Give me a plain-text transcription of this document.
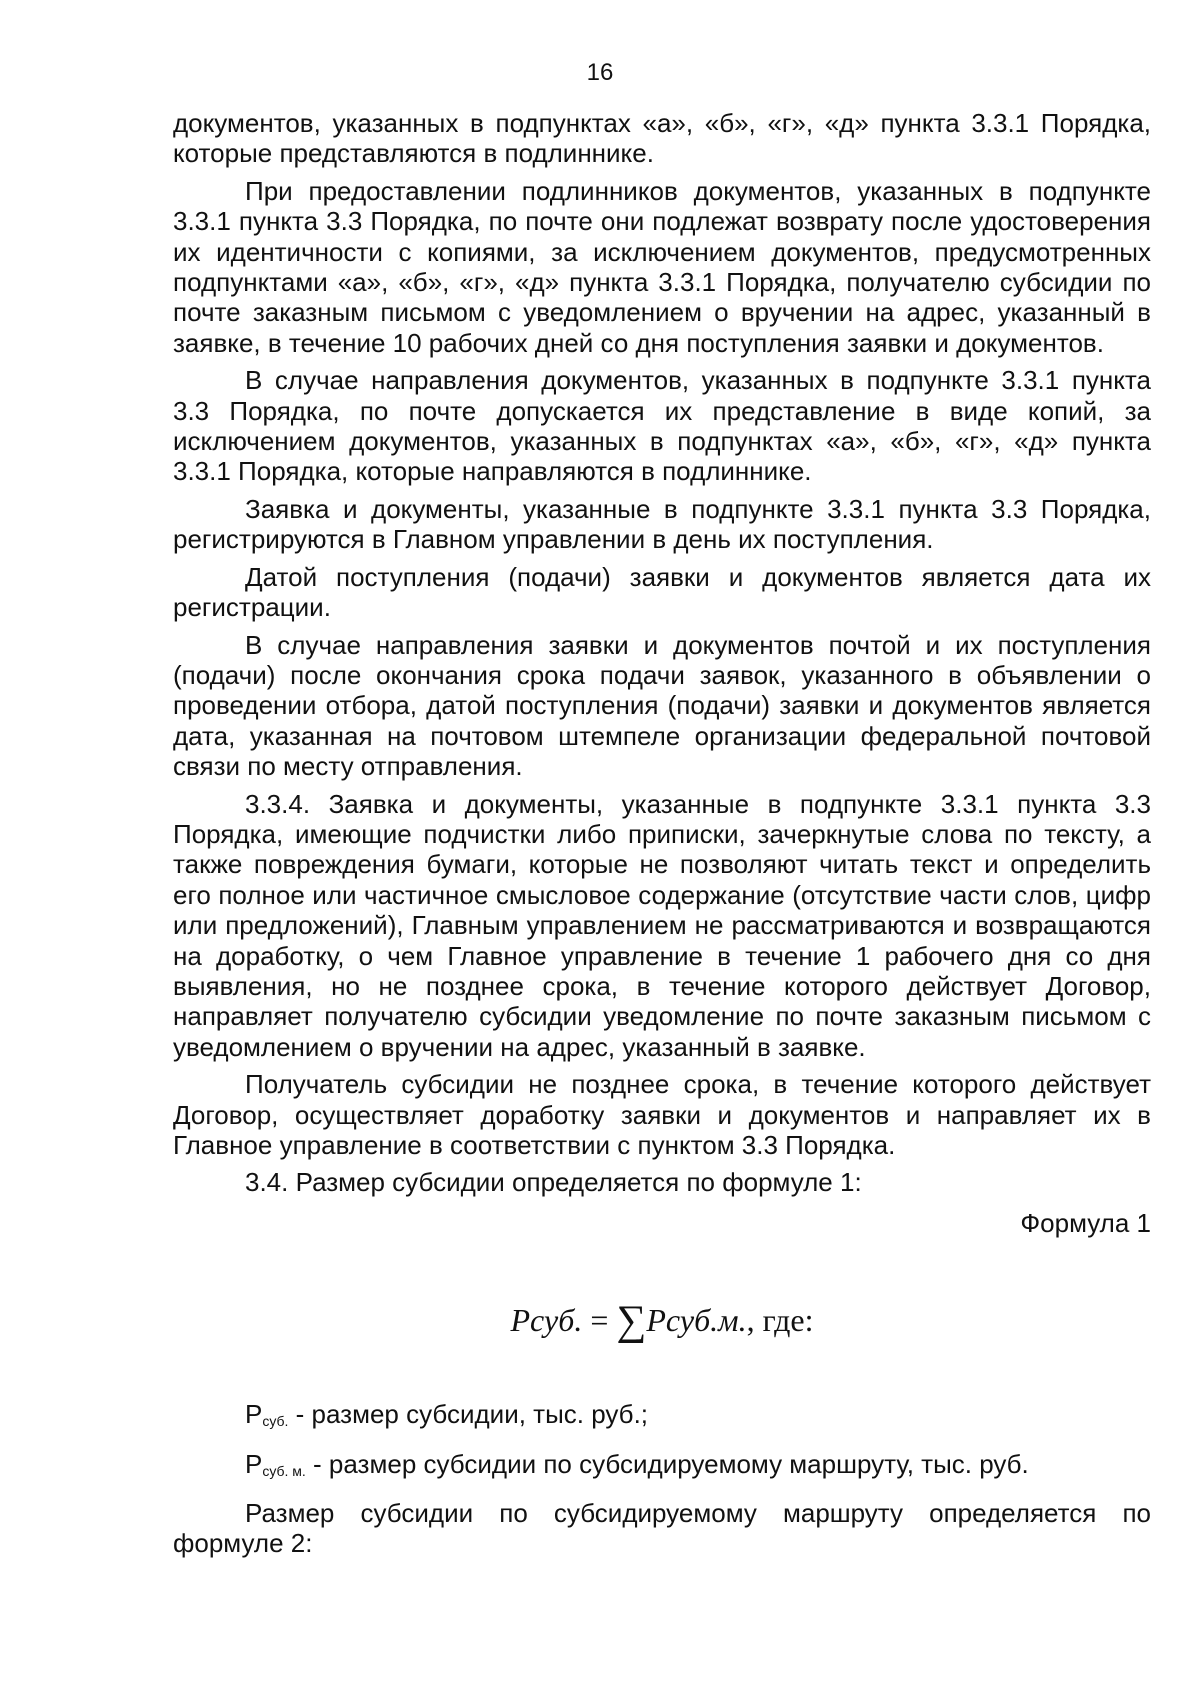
16

документов, указанных в подпунктах «а», «б», «г», «д» пункта 3.3.1 Порядка, которые представляются в подлиннике.

При предоставлении подлинников документов, указанных в подпункте 3.3.1 пункта 3.3 Порядка, по почте они подлежат возврату после удостоверения их идентичности с копиями, за исключением документов, предусмотренных подпунктами «а», «б», «г», «д» пункта 3.3.1 Порядка, получателю субсидии по почте заказным письмом с уведомлением о вручении на адрес, указанный в заявке, в течение 10 рабочих дней со дня поступления заявки и документов.

В случае направления документов, указанных в подпункте 3.3.1 пункта 3.3 Порядка, по почте допускается их представление в виде копий, за исключением документов, указанных в подпунктах «а», «б», «г», «д» пункта 3.3.1 Порядка, которые направляются в подлиннике.

Заявка и документы, указанные в подпункте 3.3.1 пункта 3.3 Порядка, регистрируются в Главном управлении в день их поступления.

Датой поступления (подачи) заявки и документов является дата их регистрации.

В случае направления заявки и документов почтой и их поступления (подачи) после окончания срока подачи заявок, указанного в объявлении о проведении отбора, датой поступления (подачи) заявки и документов является дата, указанная на почтовом штемпеле организации федеральной почтовой связи по месту отправления.

3.3.4. Заявка и документы, указанные в подпункте 3.3.1 пункта 3.3 Порядка, имеющие подчистки либо приписки, зачеркнутые слова по тексту, а также повреждения бумаги, которые не позволяют читать текст и определить его полное или частичное смысловое содержание (отсутствие части слов, цифр или предложений), Главным управлением не рассматриваются и возвращаются на доработку, о чем Главное управление в течение 1 рабочего дня со дня выявления, но не позднее срока, в течение которого действует Договор, направляет получателю субсидии уведомление по почте заказным письмом с уведомлением о вручении на адрес, указанный в заявке.

Получатель субсидии не позднее срока, в течение которого действует Договор, осуществляет доработку заявки и документов и направляет их в Главное управление в соответствии с пунктом 3.3 Порядка.

3.4. Размер субсидии определяется по формуле 1:

Формула 1

Pсуб. = ∑Pсуб.м., где:

$Р_{суб.}$ - размер субсидии, тыс. руб.;

$Р_{суб. м.}$ - размер субсидии по субсидируемому маршруту, тыс. руб.

Размер субсидии по субсидируемому маршруту определяется по формуле 2:
